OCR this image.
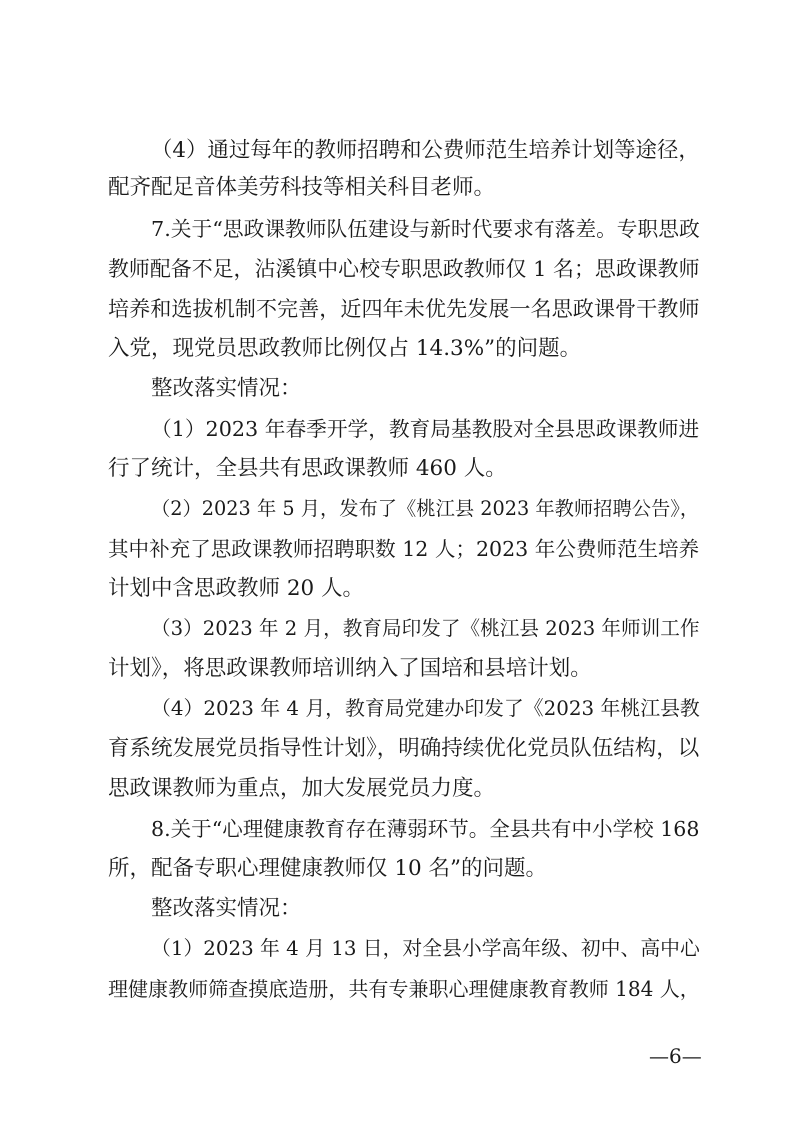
（4）通过每年的教师招聘和公费师范生培养计划等途径，
配齐配足音体美劳科技等相关科目老师。
7.关于“思政课教师队伍建设与新时代要求有落差。专职思政
教师配备不足，沾溪镇中心校专职思政教师仅 1 名；思政课教师
培养和选拔机制不完善，近四年未优先发展一名思政课骨干教师
入党，现党员思政教师比例仅占 14.3%”的问题。
整改落实情况：
（1）2023 年春季开学，教育局基教股对全县思政课教师进
行了统计，全县共有思政课教师 460 人。
（2）2023 年 5 月，发布了《桃江县 2023 年教师招聘公告》，
其中补充了思政课教师招聘职数 12 人；2023 年公费师范生培养
计划中含思政教师 20 人。
（3）2023 年 2 月，教育局印发了《桃江县 2023 年师训工作
计划》，将思政课教师培训纳入了国培和县培计划。
（4）2023 年 4 月，教育局党建办印发了《2023 年桃江县教
育系统发展党员指导性计划》，明确持续优化党员队伍结构，以
思政课教师为重点，加大发展党员力度。
8.关于“心理健康教育存在薄弱环节。全县共有中小学校 168
所，配备专职心理健康教师仅 10 名”的问题。
整改落实情况：
（1）2023 年 4 月 13 日，对全县小学高年级、初中、高中心
理健康教师筛查摸底造册，共有专兼职心理健康教育教师 184 人，
—6—
